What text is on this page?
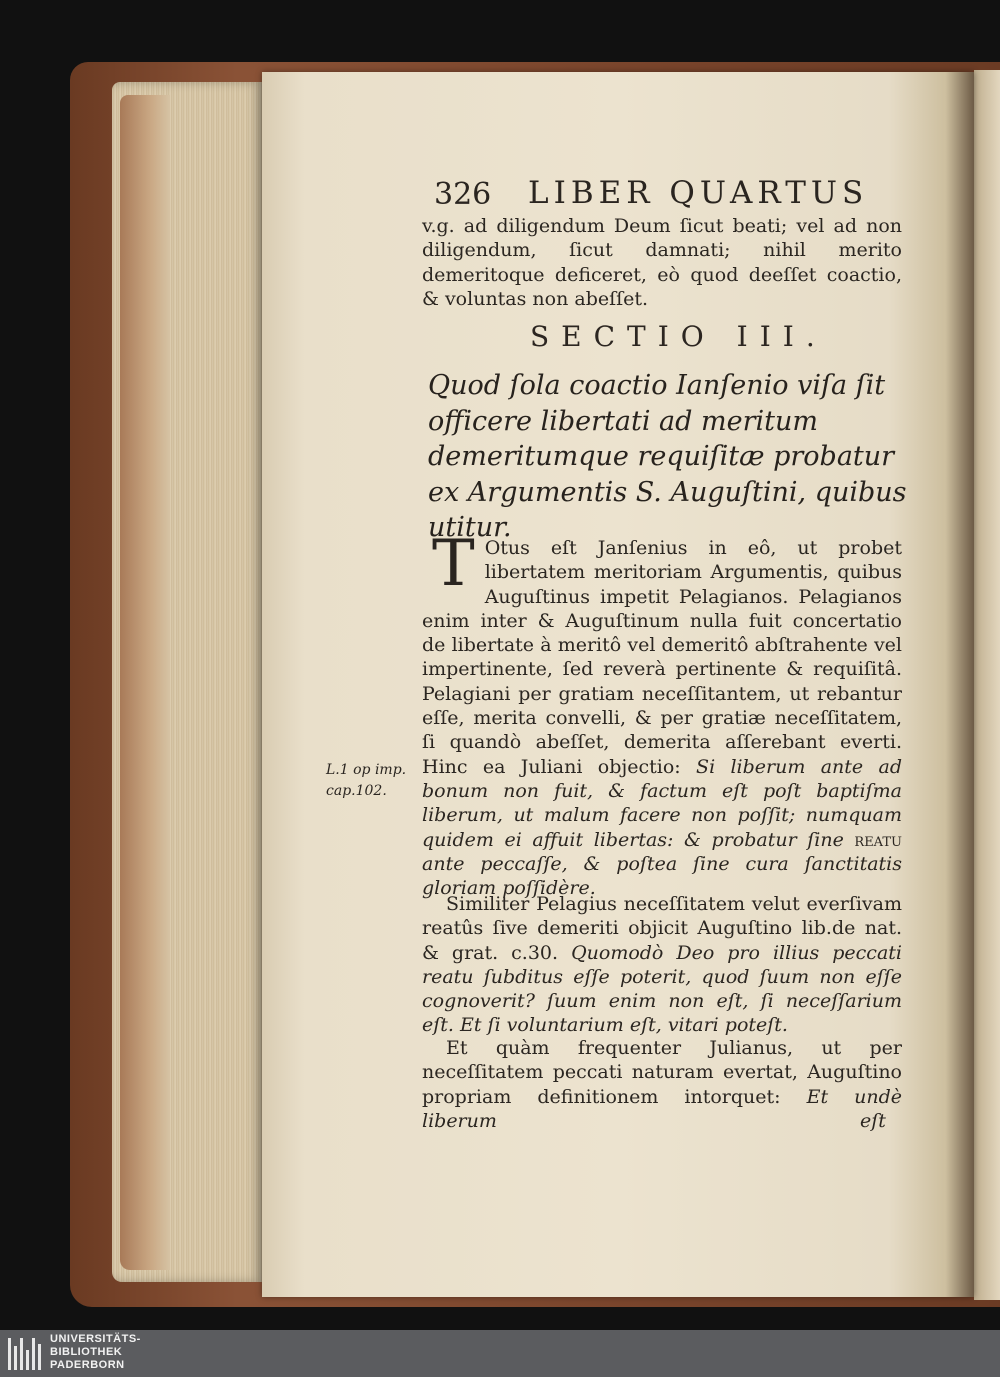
326 LIBER QUARTUS
v.g. ad diligendum Deum ſicut beati; vel ad non diligendum, ſicut damnati; nihil merito demeritoque deficeret, eò quod deeſſet coactio, & voluntas non abeſſet.
SECTIO III.
Quod ſola coactio Ianſenio viſa ſit officere libertati ad meritum demeritumque requiſitæ probatur ex Argumentis S. Auguſtini, quibus utitur.
T Otus eſt Janſenius in eô, ut probet libertatem meritoriam Argumentis, quibus Auguſtinus impetit Pelagianos. Pelagianos enim inter & Auguſtinum nulla fuit concertatio de libertate à meritô vel demeritô abſtrahente vel impertinente, ſed reverà pertinente & requiſitâ. Pelagiani per gratiam neceſſitantem, ut rebantur eſſe, merita convelli, & per gratiæ neceſſitatem, ſi quandò abeſſet, demerita aſſerebant everti. Hinc ea Juliani objectio: Si liberum ante ad bonum non fuit, & factum eſt poſt baptiſma liberum, ut malum facere non poſſit; numquam quidem ei affuit libertas: & probatur ſine reatu ante peccaſſe, & poſtea ſine cura ſanctitatis gloriam poſſidère.
L.1 op imp.
cap.102.
Similiter Pelagius neceſſitatem velut everſivam reatûs ſive demeriti objicit Auguſtino lib.de nat. & grat. c.30. Quomodò Deo pro illius peccati reatu ſubditus eſſe poterit, quod ſuum non eſſe cognoverit? ſuum enim non eſt, ſi neceſſarium eſt. Et ſi voluntarium eſt, vitari poteſt.
Et quàm frequenter Julianus, ut per neceſſitatem peccati naturam evertat, Auguſtino propriam definitionem intorquet: Et undè liberum	eſt
UNIVERSITÄTS-
BIBLIOTHEK
PADERBORN
